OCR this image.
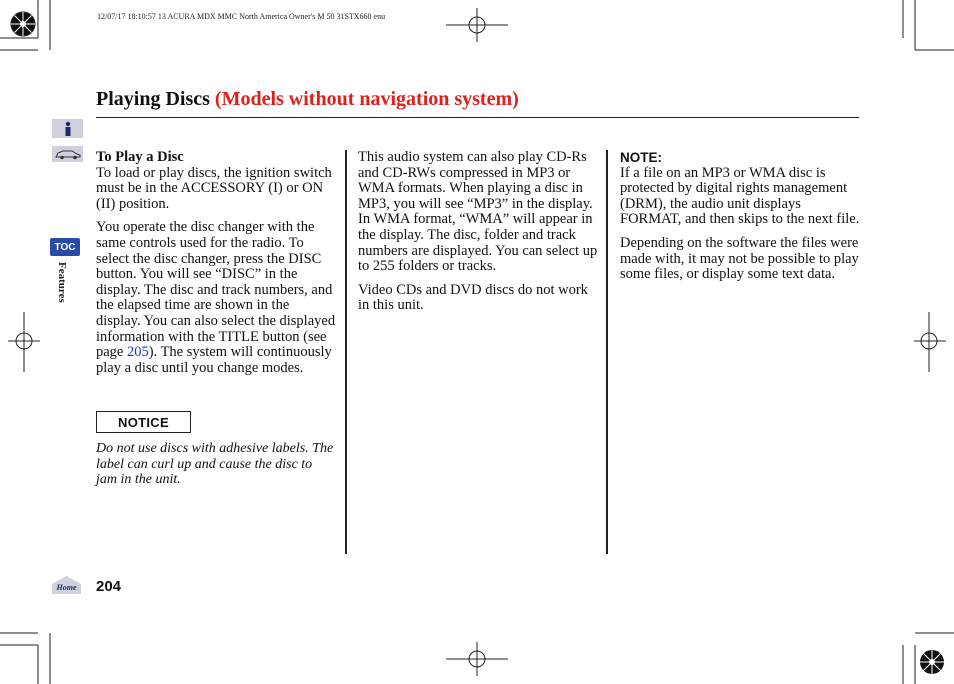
12/07/17 18:10:57 13 ACURA MDX MMC North America Owner's M 50 31STX660 enu
Playing Discs (Models without navigation system)
TOC
Features
Home
To Play a Disc

To load or play discs, the ignition switch must be in the ACCESSORY (I) or ON (II) position.

You operate the disc changer with the same controls used for the radio. To select the disc changer, press the DISC button. You will see “DISC” in the display. The disc and track numbers, and the elapsed time are shown in the display. You can also select the displayed information with the TITLE button (see page 205). The system will continuously play a disc until you change modes.

NOTICE
Do not use discs with adhesive labels. The label can curl up and cause the disc to jam in the unit.

This audio system can also play CD-Rs and CD-RWs compressed in MP3 or WMA formats. When playing a disc in MP3, you will see “MP3” in the display. In WMA format, “WMA” will appear in the display. The disc, folder and track numbers are displayed. You can select up to 255 folders or tracks.

Video CDs and DVD discs do not work in this unit.

NOTE:

If a file on an MP3 or WMA disc is protected by digital rights management (DRM), the audio unit displays FORMAT, and then skips to the next file.

Depending on the software the files were made with, it may not be possible to play some files, or display some text data.

204
